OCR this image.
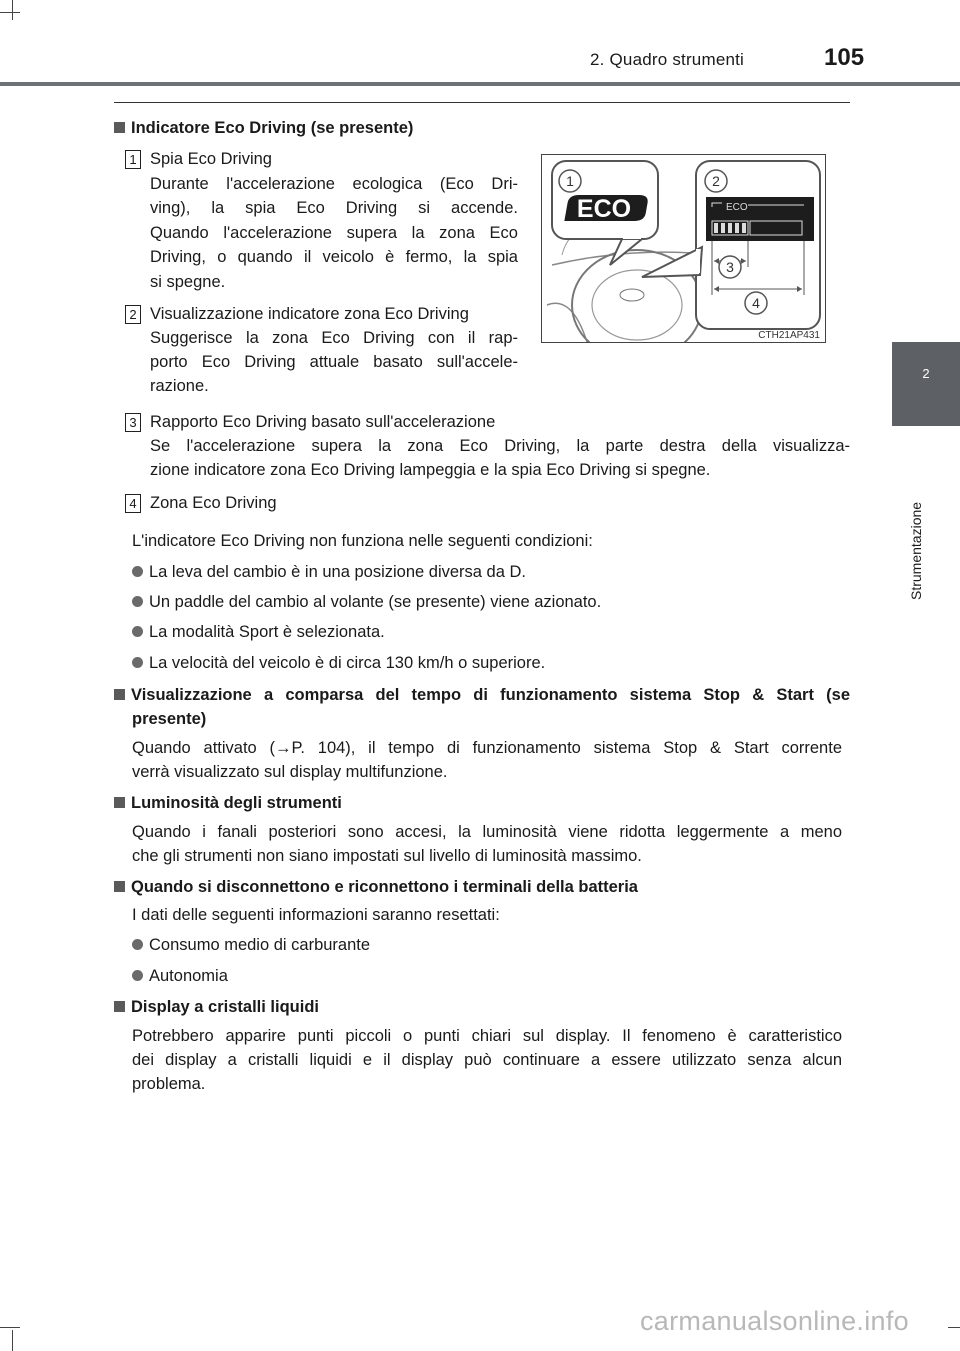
2. Quadro strumenti	105
2
Strumentazione
Indicatore Eco Driving (se presente)
1 Spia Eco Driving
Durante l'accelerazione ecologica (Eco Dri-
ving), la spia Eco Driving si accende.
Quando l'accelerazione supera la zona Eco
Driving, o quando il veicolo è fermo, la spia
si spegne.
2 Visualizzazione indicatore zona Eco Driving
Suggerisce la zona Eco Driving con il rap-
porto Eco Driving attuale basato sull'accele-
razione.
ECO
1	2
ECO
3
4
CTH21AP431
3 Rapporto Eco Driving basato sull'accelerazione
Se l'accelerazione supera la zona Eco Driving, la parte destra della visualizza-
zione indicatore zona Eco Driving lampeggia e la spia Eco Driving si spegne.
4 Zona Eco Driving
L'indicatore Eco Driving non funziona nelle seguenti condizioni:
La leva del cambio è in una posizione diversa da D.
Un paddle del cambio al volante (se presente) viene azionato.
La modalità Sport è selezionata.
La velocità del veicolo è di circa 130 km/h o superiore.
Visualizzazione a comparsa del tempo di funzionamento sistema Stop & Start (se
presente)
Quando attivato (→P. 104), il tempo di funzionamento sistema Stop & Start corrente
verrà visualizzato sul display multifunzione.
Luminosità degli strumenti
Quando i fanali posteriori sono accesi, la luminosità viene ridotta leggermente a meno
che gli strumenti non siano impostati sul livello di luminosità massimo.
Quando si disconnettono e riconnettono i terminali della batteria
I dati delle seguenti informazioni saranno resettati:
Consumo medio di carburante
Autonomia
Display a cristalli liquidi
Potrebbero apparire punti piccoli o punti chiari sul display. Il fenomeno è caratteristico
dei display a cristalli liquidi e il display può continuare a essere utilizzato senza alcun
problema.
carmanualsonline.info
